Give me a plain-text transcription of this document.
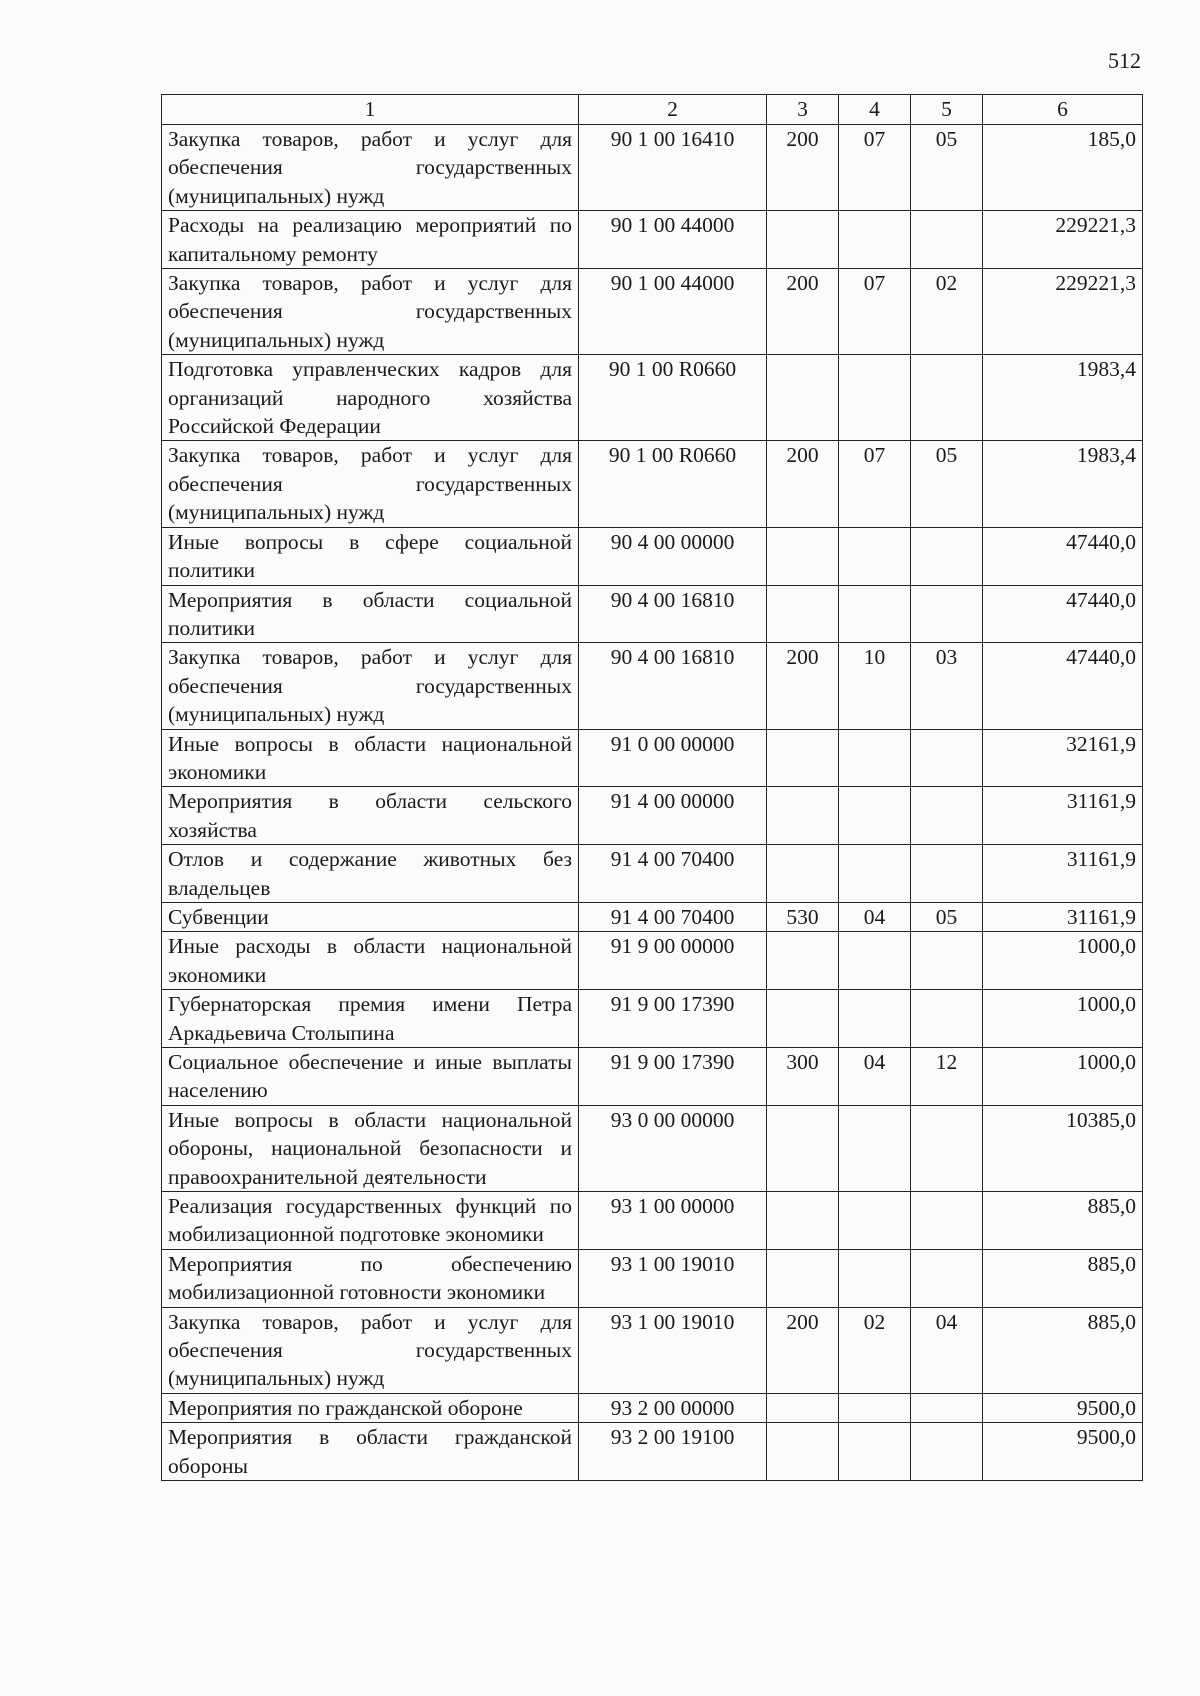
512
1	2	3	4	5	6
Закупка товаров, работ и услуг для обеспечения государственных (муниципальных) нужд	90 1 00 16410	200	07	05	185,0
Расходы на реализацию мероприятий по капитальному ремонту	90 1 00 44000				229221,3
Закупка товаров, работ и услуг для обеспечения государственных (муниципальных) нужд	90 1 00 44000	200	07	02	229221,3
Подготовка управленческих кадров для организаций народного хозяйства Российской Федерации	90 1 00 R0660				1983,4
Закупка товаров, работ и услуг для обеспечения государственных (муниципальных) нужд	90 1 00 R0660	200	07	05	1983,4
Иные вопросы в сфере социальной политики	90 4 00 00000				47440,0
Мероприятия в области социальной политики	90 4 00 16810				47440,0
Закупка товаров, работ и услуг для обеспечения государственных (муниципальных) нужд	90 4 00 16810	200	10	03	47440,0
Иные вопросы в области национальной экономики	91 0 00 00000				32161,9
Мероприятия в области сельского хозяйства	91 4 00 00000				31161,9
Отлов и содержание животных без владельцев	91 4 00 70400				31161,9
Субвенции	91 4 00 70400	530	04	05	31161,9
Иные расходы в области национальной экономики	91 9 00 00000				1000,0
Губернаторская премия имени Петра Аркадьевича Столыпина	91 9 00 17390				1000,0
Социальное обеспечение и иные выплаты населению	91 9 00 17390	300	04	12	1000,0
Иные вопросы в области национальной обороны, национальной безопасности и правоохранительной деятельности	93 0 00 00000				10385,0
Реализация государственных функций по мобилизационной подготовке экономики	93 1 00 00000				885,0
Мероприятия по обеспечению мобилизационной готовности экономики	93 1 00 19010				885,0
Закупка товаров, работ и услуг для обеспечения государственных (муниципальных) нужд	93 1 00 19010	200	02	04	885,0
Мероприятия по гражданской обороне	93 2 00 00000				9500,0
Мероприятия в области гражданской обороны	93 2 00 19100				9500,0
